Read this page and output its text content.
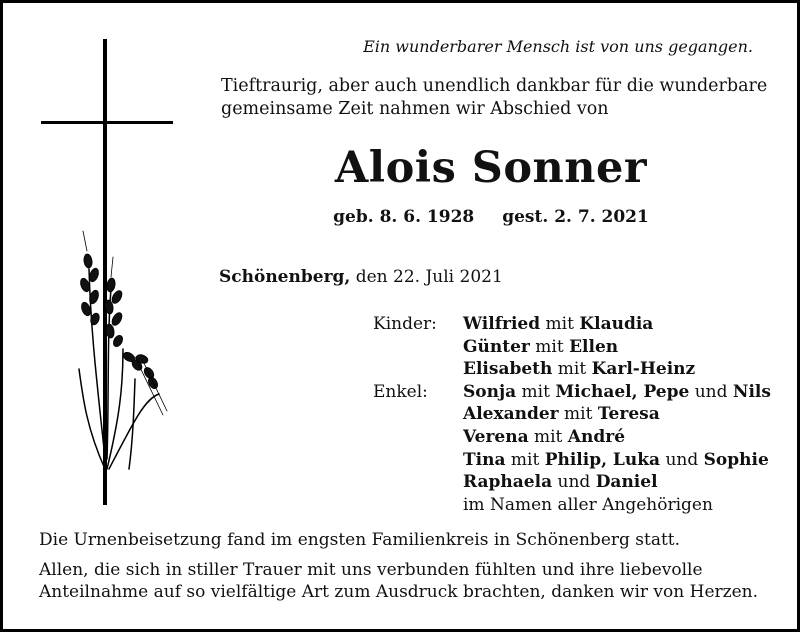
Ein wunderbarer Mensch ist von uns gegangen.
Tieftraurig, aber auch unendlich dankbar für die wunderbare
gemeinsame Zeit nahmen wir Abschied von
Alois Sonner
geb. 8. 6. 1928 gest. 2. 7. 2021
Schönenberg, den 22. Juli 2021
Kinder:	Wilfried mit Klaudia
Günter mit Ellen
Elisabeth mit Karl-Heinz
Enkel:	Sonja mit Michael, Pepe und Nils
Alexander mit Teresa
Verena mit André
Tina mit Philip, Luka und Sophie
Raphaela und Daniel
im Namen aller Angehörigen

Die Urnenbeisetzung fand im engsten Familienkreis in Schönenberg statt.

Allen, die sich in stiller Trauer mit uns verbunden fühlten und ihre liebevolle
Anteilnahme auf so vielfältige Art zum Ausdruck brachten, danken wir von Herzen.
